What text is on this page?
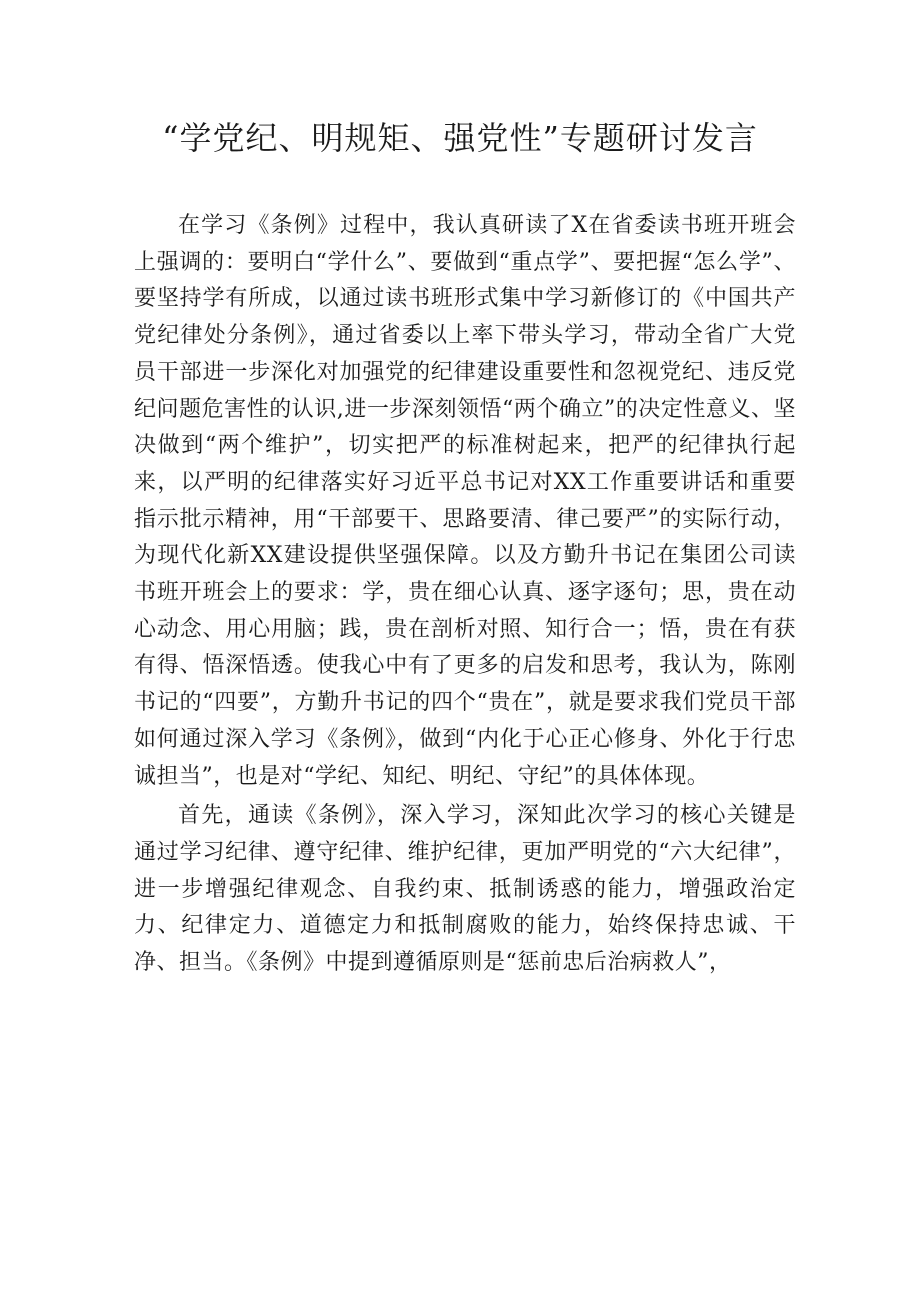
“学党纪、明规矩、强党性”专题研讨发言

在学习《条例》过程中，我认真研读了X在省委读书班开班会上强调的：要明白“学什么”、要做到“重点学”、要把握“怎么学”、要坚持学有所成，以通过读书班形式集中学习新修订的《中国共产党纪律处分条例》，通过省委以上率下带头学习，带动全省广大党员干部进一步深化对加强党的纪律建设重要性和忽视党纪、违反党纪问题危害性的认识,进一步深刻领悟“两个确立”的决定性意义、坚决做到“两个维护”，切实把严的标准树起来，把严的纪律执行起来，以严明的纪律落实好习近平总书记对XX工作重要讲话和重要指示批示精神，用“干部要干、思路要清、律己要严”的实际行动，为现代化新XX建设提供坚强保障。以及方勤升书记在集团公司读书班开班会上的要求：学，贵在细心认真、逐字逐句；思，贵在动心动念、用心用脑；践，贵在剖析对照、知行合一；悟，贵在有获有得、悟深悟透。使我心中有了更多的启发和思考，我认为，陈刚书记的“四要”，方勤升书记的四个“贵在”，就是要求我们党员干部如何通过深入学习《条例》，做到“内化于心正心修身、外化于行忠诚担当”，也是对“学纪、知纪、明纪、守纪”的具体体现。

首先，通读《条例》，深入学习，深知此次学习的核心关键是通过学习纪律、遵守纪律、维护纪律，更加严明党的“六大纪律”，进一步增强纪律观念、自我约束、抵制诱惑的能力，增强政治定力、纪律定力、道德定力和抵制腐败的能力，始终保持忠诚、干净、担当。《条例》中提到遵循原则是“惩前忠后治病救人”，
